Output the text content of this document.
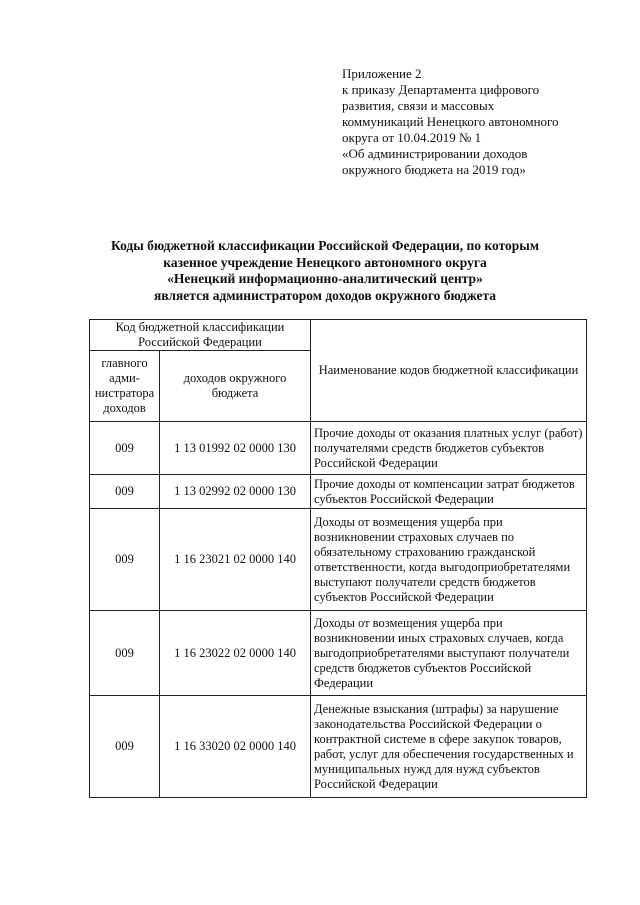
Приложение 2
к приказу Департамента цифрового
развития, связи и массовых
коммуникаций Ненецкого автономного
округа от 10.04.2019 № 1
«Об администрировании доходов
окружного бюджета на 2019 год»
Коды бюджетной классификации Российской Федерации, по которым
казенное учреждение Ненецкого автономного округа
«Ненецкий информационно-аналитический центр»
является администратором доходов окружного бюджета
Код бюджетной классификации Российской Федерации		Наименование кодов бюджетной классификации
главного адми-нистратора доходов	доходов окружного бюджета	
009	1 13 01992 02 0000 130	Прочие доходы от оказания платных услуг (работ) получателями средств бюджетов субъектов Российской Федерации
009	1 13 02992 02 0000 130	Прочие доходы от компенсации затрат бюджетов субъектов Российской Федерации
009	1 16 23021 02 0000 140	Доходы от возмещения ущерба при возникновении страховых случаев по обязательному страхованию гражданской ответственности, когда выгодоприобретателями выступают получатели средств бюджетов субъектов Российской Федерации
009	1 16 23022 02 0000 140	Доходы от возмещения ущерба при возникновении иных страховых случаев, когда выгодоприобретателями выступают получатели средств бюджетов субъектов Российской Федерации
009	1 16 33020 02 0000 140	Денежные взыскания (штрафы) за нарушение законодательства Российской Федерации о контрактной системе в сфере закупок товаров, работ, услуг для обеспечения государственных и муниципальных нужд для нужд субъектов Российской Федерации
